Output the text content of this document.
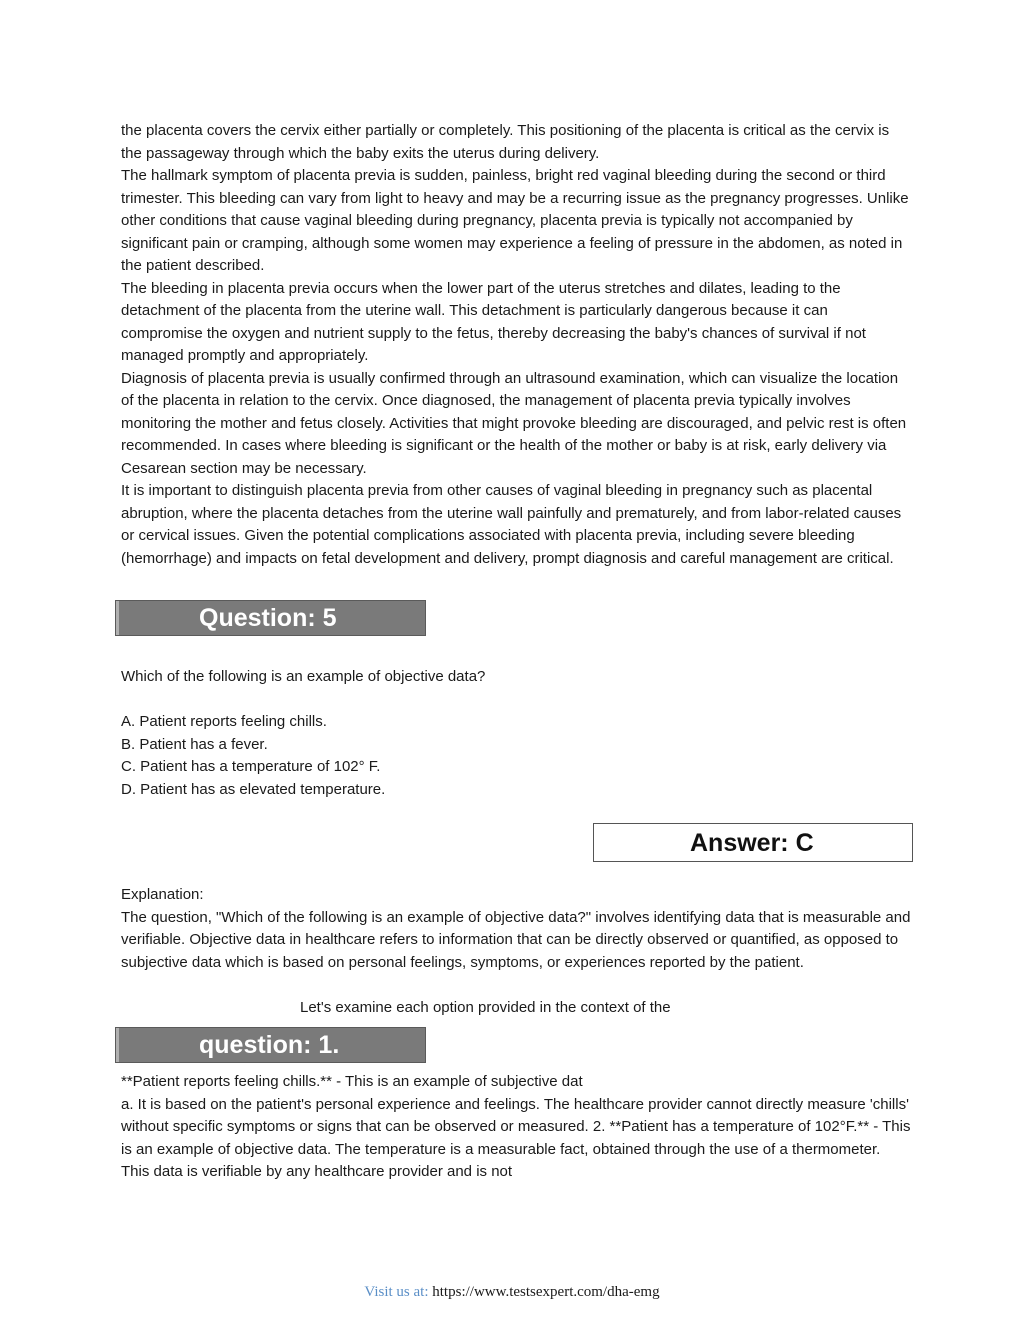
the placenta covers the cervix either partially or completely. This positioning of the placenta is critical as the cervix is the passageway through which the baby exits the uterus during delivery.

The hallmark symptom of placenta previa is sudden, painless, bright red vaginal bleeding during the second or third trimester. This bleeding can vary from light to heavy and may be a recurring issue as the pregnancy progresses. Unlike other conditions that cause vaginal bleeding during pregnancy, placenta previa is typically not accompanied by significant pain or cramping, although some women may experience a feeling of pressure in the abdomen, as noted in the patient described.

The bleeding in placenta previa occurs when the lower part of the uterus stretches and dilates, leading to the detachment of the placenta from the uterine wall. This detachment is particularly dangerous because it can compromise the oxygen and nutrient supply to the fetus, thereby decreasing the baby's chances of survival if not managed promptly and appropriately.

Diagnosis of placenta previa is usually confirmed through an ultrasound examination, which can visualize the location of the placenta in relation to the cervix. Once diagnosed, the management of placenta previa typically involves monitoring the mother and fetus closely. Activities that might provoke bleeding are discouraged, and pelvic rest is often recommended. In cases where bleeding is significant or the health of the mother or baby is at risk, early delivery via Cesarean section may be necessary.

It is important to distinguish placenta previa from other causes of vaginal bleeding in pregnancy such as placental abruption, where the placenta detaches from the uterine wall painfully and prematurely, and from labor-related causes or cervical issues. Given the potential complications associated with placenta previa, including severe bleeding (hemorrhage) and impacts on fetal development and delivery, prompt diagnosis and careful management are critical.

Question: 5

Which of the following is an example of objective data?

A. Patient reports feeling chills.

B. Patient has a fever.

C. Patient has a temperature of 102° F.

D. Patient has as elevated temperature.

Answer: C

Explanation:

The question, "Which of the following is an example of objective data?" involves identifying data that is measurable and verifiable. Objective data in healthcare refers to information that can be directly observed or quantified, as opposed to subjective data which is based on personal feelings, symptoms, or experiences reported by the patient.

Let's examine each option provided in the context of the
question: 1.

**Patient reports feeling chills.** - This is an example of subjective dat

a. It is based on the patient's personal experience and feelings. The healthcare provider cannot directly measure 'chills' without specific symptoms or signs that can be observed or measured. 2. **Patient has a temperature of 102°F.** - This is an example of objective data. The temperature is a measurable fact, obtained through the use of a thermometer. This data is verifiable by any healthcare provider and is not

Visit us at: https://www.testsexpert.com/dha-emg
